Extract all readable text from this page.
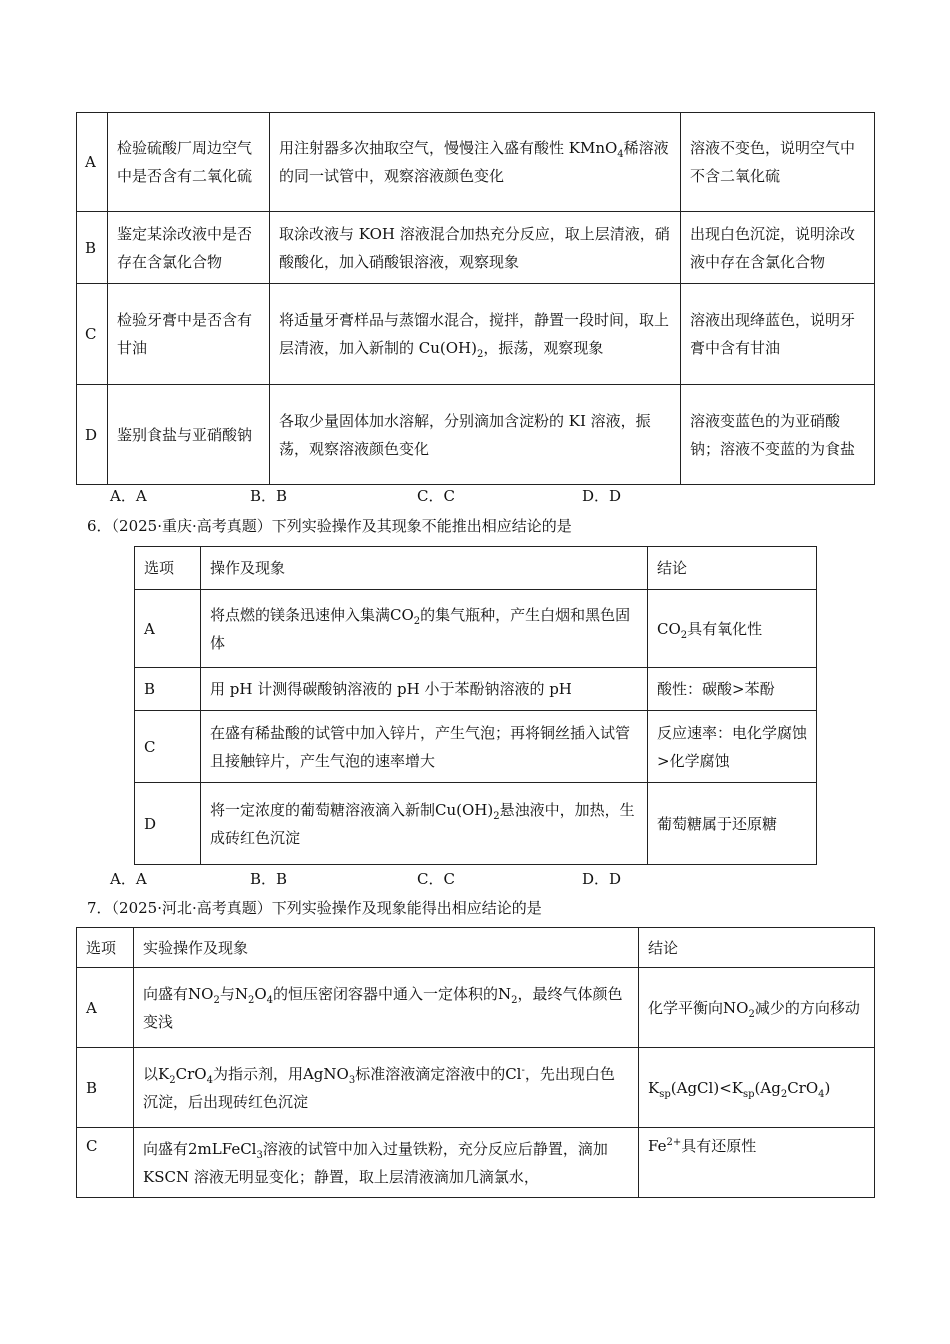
A	检验硫酸厂周边空气中是否含有二氧化硫	用注射器多次抽取空气，慢慢注入盛有酸性 KMnO$_4$稀溶液的同一试管中，观察溶液颜色变化	溶液不变色，说明空气中不含二氧化硫
B	鉴定某涂改液中是否存在含氯化合物	取涂改液与 KOH 溶液混合加热充分反应，取上层清液，硝酸酸化，加入硝酸银溶液，观察现象	出现白色沉淀，说明涂改液中存在含氯化合物
C	检验牙膏中是否含有甘油	将适量牙膏样品与蒸馏水混合，搅拌，静置一段时间，取上层清液，加入新制的 $Cu(OH)_2$，振荡，观察现象	溶液出现绛蓝色，说明牙膏中含有甘油
D	鉴别食盐与亚硝酸钠	各取少量固体加水溶解，分别滴加含淀粉的 KI 溶液，振荡，观察溶液颜色变化	溶液变蓝色的为亚硝酸钠；溶液不变蓝的为食盐
A．A	B．B	C．C	D．D
6．（2025·重庆·高考真题）下列实验操作及其现象不能推出相应结论的是
选项	操作及现象	结论
A	将点燃的镁条迅速伸入集满$CO_2$的集气瓶种，产生白烟和黑色固体	$CO_2$具有氧化性
B	用 pH 计测得碳酸钠溶液的 pH 小于苯酚钠溶液的 pH	酸性：碳酸>苯酚
C	在盛有稀盐酸的试管中加入锌片，产生气泡；再将铜丝插入试管且接触锌片，产生气泡的速率增大	反应速率：电化学腐蚀>化学腐蚀
D	将一定浓度的葡萄糖溶液滴入新制$Cu(OH)_2$悬浊液中，加热，生成砖红色沉淀	葡萄糖属于还原糖
A．A	B．B	C．C	D．D
7．（2025·河北·高考真题）下列实验操作及现象能得出相应结论的是
选项	实验操作及现象	结论
A	向盛有$NO_2$与$N_2O_4$的恒压密闭容器中通入一定体积的$N_2$，最终气体颜色变浅	化学平衡向$NO_2$减少的方向移动
B	以$K_2CrO_4$为指示剂，用AgNO$_3$标准溶液滴定溶液中的Cl-，先出现白色沉淀，后出现砖红色沉淀	$K_{sp}(AgCl)<K_{sp}(Ag_2CrO_4)$
C	向盛有2mLFeCl$_3$溶液的试管中加入过量铁粉，充分反应后静置，滴加 KSCN 溶液无明显变化；静置，取上层清液滴加几滴氯水，	$Fe^{2+}$具有还原性
